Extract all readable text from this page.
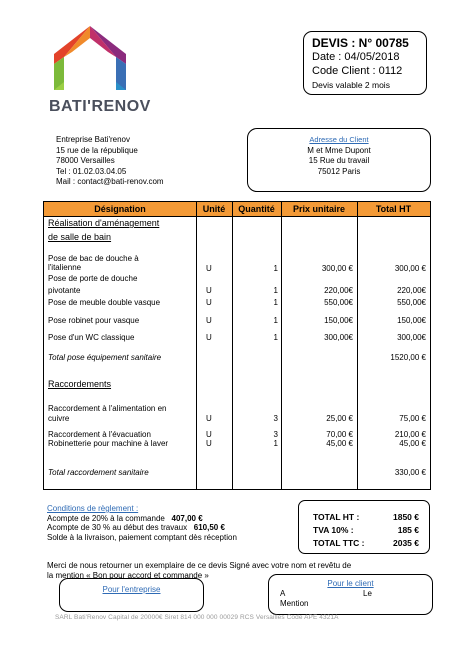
BATI'RENOV
DEVIS : N° 00785
Date : 04/05/2018
Code Client : 0112
Devis valable 2 mois
Entreprise Bati'renov
15 rue de la république
78000 Versailles
Tel : 01.02.03.04.05
Mail : contact@bati-renov.com
Adresse du Client
M et Mme Dupont
15 Rue du travail
75012 Paris
Désignation	Unité	Quantité	Prix unitaire	Total HT
Réalisation d'aménagement
de salle de bain
Pose de bac de douche à
l'italienne	U	1	300,00 €	300,00 €
Pose de porte de douche
pivotante	U	1	220,00€	220,00€
Pose de meuble double vasque	U	1	550,00€	550,00€
Pose robinet pour vasque	U	1	150,00€	150,00€
Pose d'un WC classique	U	1	300,00€	300,00€
Total pose équipement sanitaire	1520,00 €
Raccordements
Raccordement à l'alimentation en
cuivre	U	3	25,00 €	75,00 €
Raccordement à l'évacuation	U	3	70,00 €	210,00 €
Robinetterie pour machine à laver	U	1	45,00 €	45,00 €
Total raccordement sanitaire	330,00 €
Conditions de règlement :
Acompte de 20% à la commande 407,00 €
Acompte de 30 % au début des travaux 610,50 €
Solde à la livraison, paiement comptant dès réception
TOTAL HT :	1850 €
TVA 10% :	185 €
TOTAL TTC :	2035 €
Merci de nous retourner un exemplaire de ce devis Signé avec votre nom et revêtu de
la mention « Bon pour accord et commande »
Pour l'entreprise
Pour le client
A	Le
Mention
SARL Bati'Renov Capital de 20000€ Siret 814 000 000 00029 RCS Versailles Code APE 4321A
